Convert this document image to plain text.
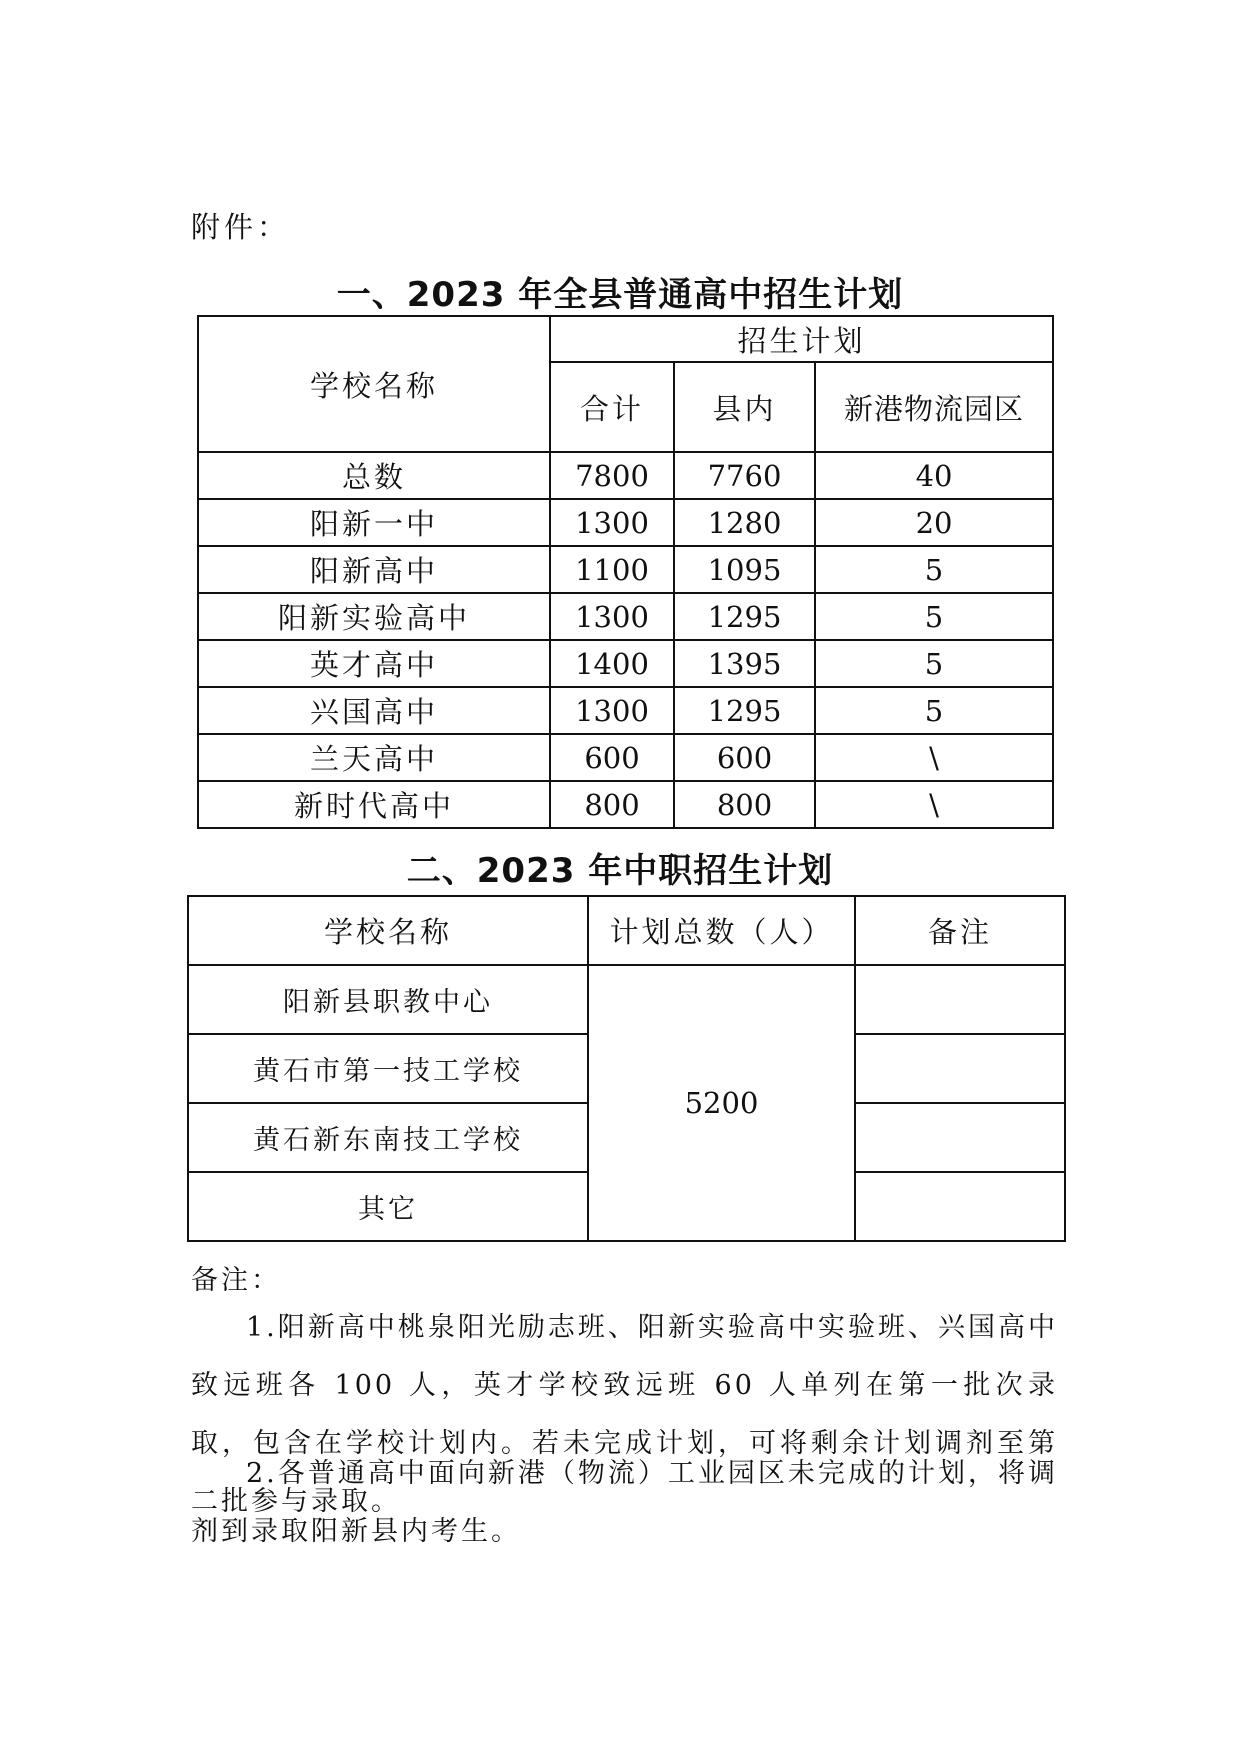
附件：
一、2023 年全县普通高中招生计划
学校名称	招生计划		
	合计	县内	新港物流园区
总数	7800	7760	40
阳新一中	1300	1280	20
阳新高中	1100	1095	5
阳新实验高中	1300	1295	5
英才高中	1400	1395	5
兴国高中	1300	1295	5
兰天高中	600	600	\
新时代高中	800	800	\
二、2023 年中职招生计划
学校名称	计划总数（人）	备注
阳新县职教中心	5200	
黄石市第一技工学校		
黄石新东南技工学校		
其它		
备注：
1.阳新高中桃泉阳光励志班、阳新实验高中实验班、兴国高中致远班各 100 人，英才学校致远班 60 人单列在第一批次录取，包含在学校计划内。若未完成计划，可将剩余计划调剂至第二批参与录取。
2.各普通高中面向新港（物流）工业园区未完成的计划，将调剂到录取阳新县内考生。
